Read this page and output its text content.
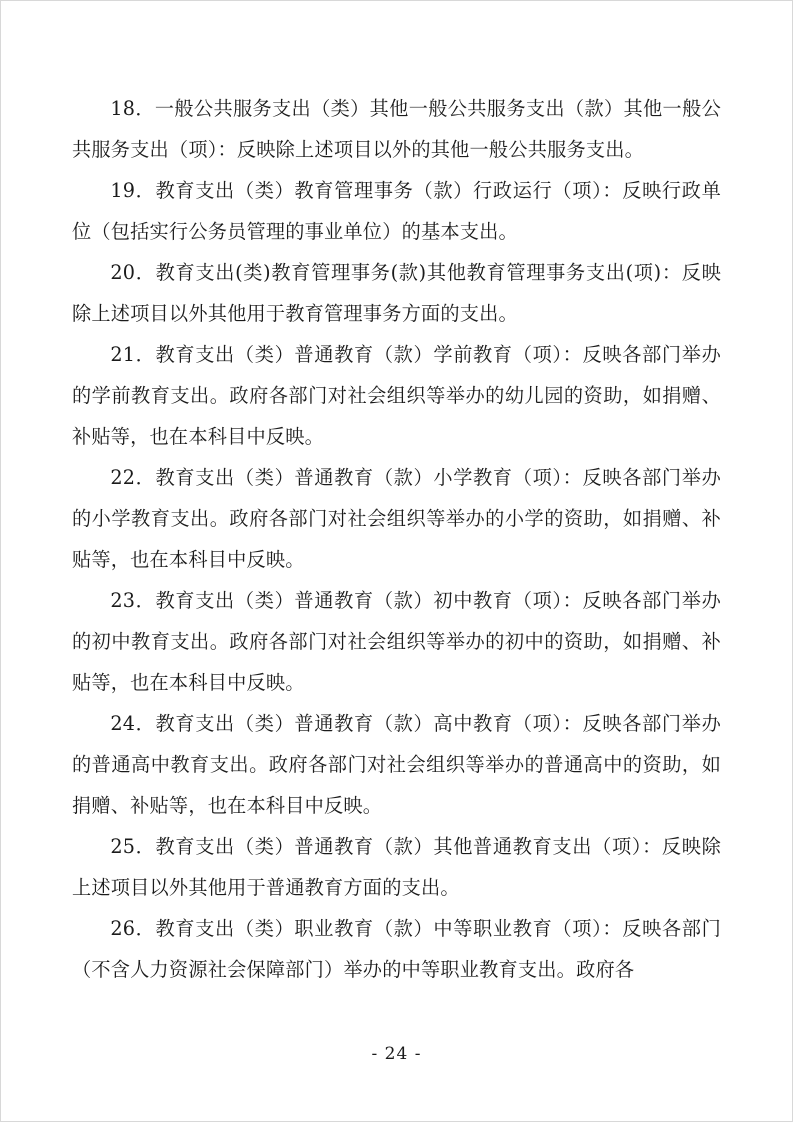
18．一般公共服务支出（类）其他一般公共服务支出（款）其他一般公共服务支出（项）：反映除上述项目以外的其他一般公共服务支出。

19．教育支出（类）教育管理事务（款）行政运行（项）：反映行政单位（包括实行公务员管理的事业单位）的基本支出。

20．教育支出(类)教育管理事务(款)其他教育管理事务支出(项)：反映除上述项目以外其他用于教育管理事务方面的支出。

21．教育支出（类）普通教育（款）学前教育（项）：反映各部门举办的学前教育支出。政府各部门对社会组织等举办的幼儿园的资助，如捐赠、补贴等，也在本科目中反映。

22．教育支出（类）普通教育（款）小学教育（项）：反映各部门举办的小学教育支出。政府各部门对社会组织等举办的小学的资助，如捐赠、补贴等，也在本科目中反映。

23．教育支出（类）普通教育（款）初中教育（项）：反映各部门举办的初中教育支出。政府各部门对社会组织等举办的初中的资助，如捐赠、补贴等，也在本科目中反映。

24．教育支出（类）普通教育（款）高中教育（项）：反映各部门举办的普通高中教育支出。政府各部门对社会组织等举办的普通高中的资助，如捐赠、补贴等，也在本科目中反映。

25．教育支出（类）普通教育（款）其他普通教育支出（项）：反映除上述项目以外其他用于普通教育方面的支出。

26．教育支出（类）职业教育（款）中等职业教育（项）：反映各部门（不含人力资源社会保障部门）举办的中等职业教育支出。政府各

- 24 -
